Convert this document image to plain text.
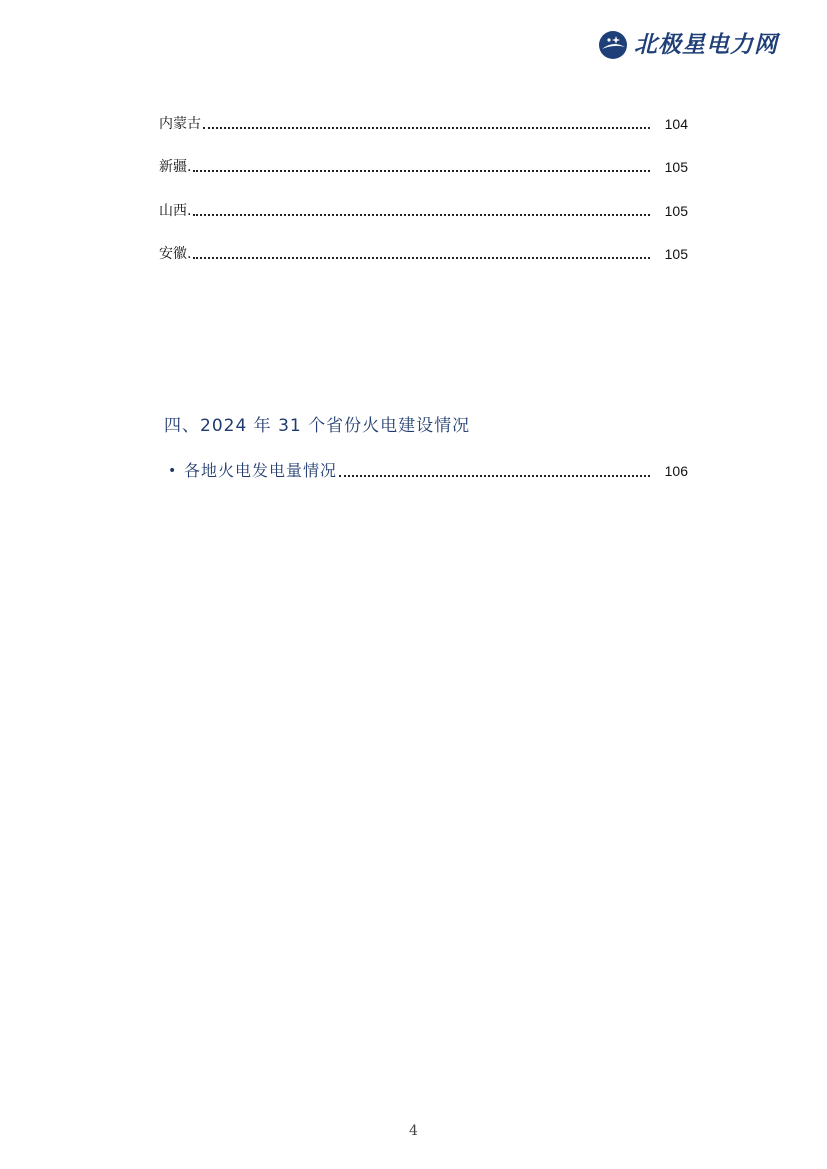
北极星电力网
内蒙古	104
新疆.	105
山西.	105
安徽.	105
四、2024 年 31 个省份火电建设情况
• 各地火电发电量情况	106
4
